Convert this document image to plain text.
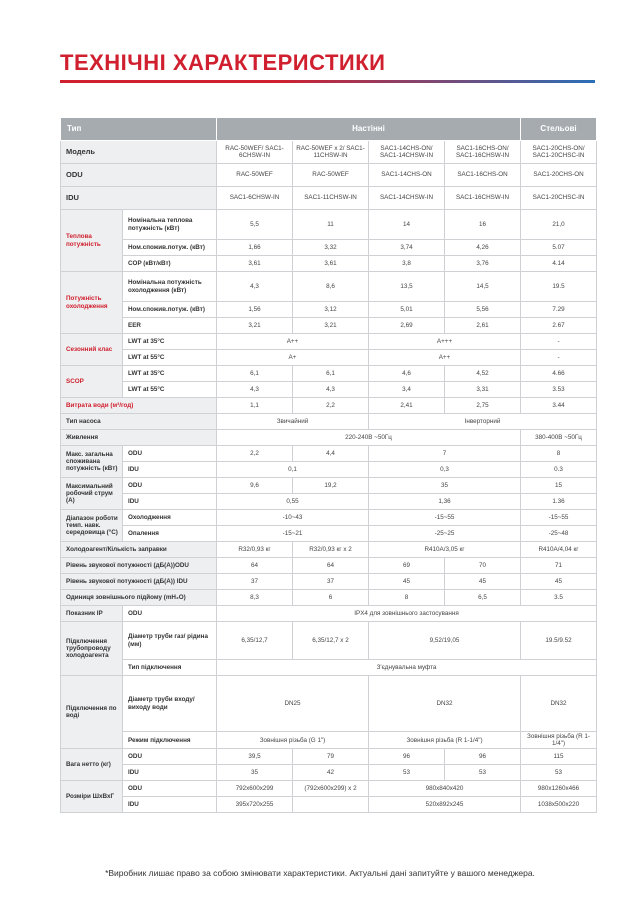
ТЕХНІЧНІ ХАРАКТЕРИСТИКИ
Тип		Настінні				Стельові
Модель		RAC-50WEF/ SAC1-6CHSW-IN	RAC-50WEF x 2/ SAC1-11CHSW-IN	SAC1-14CHS-ON/ SAC1-14CHSW-IN	SAC1-16CHS-ON/ SAC1-16CHSW-IN	SAC1-20CHS-ON/ SAC1-20CHSC-IN
ODU		RAC-50WEF	RAC-50WEF	SAC1-14CHS-ON	SAC1-16CHS-ON	SAC1-20CHS-ON
IDU		SAC1-6CHSW-IN	SAC1-11CHSW-IN	SAC1-14CHSW-IN	SAC1-16CHSW-IN	SAC1-20CHSC-IN
Теплова потужність	Номінальна теплова потужність (кВт)	5,5	11	14	16	21,0
	Ном.спожив.потуж. (кВт)	1,66	3,32	3,74	4,26	5.07
	COP (кВт/кВт)	3,61	3,61	3,8	3,76	4.14
Потужність охолодження	Номінальна потужність охолодження (кВт)	4,3	8,6	13,5	14,5	19.5
	Ном.спожив.потуж. (кВт)	1,56	3,12	5,01	5,56	7.29
	EER	3,21	3,21	2,69	2,61	2.67
Сезонний клас	LWT at 35°C	A++		A+++		-
	LWT at 55°C	A+		A++		-
SCOP	LWT at 35°C	6,1	6,1	4,6	4,52	4.66
	LWT at 55°C	4,3	4,3	3,4	3,31	3.53
Витрата води (м³/год)		1,1	2,2	2,41	2,75	3.44
Тип насоса		Звичайний		Інверторний		
Живлення		220-240В ~50Гц				380-400В ~50Гц
Макс. загальна споживана потужність (кВт)	ODU	2,2	4,4	7		8
	IDU	0,1		0,3		0.3
Максимальний робочий струм (A)	ODU	9,6	19,2	35		15
	IDU	0,55		1,36		1.36
Діапазон роботи темп. навк. середовища (°C)	Охолодження	-10~43		-15~55		-15~55
	Опалення	-15~21		-25~25		-25~48
Холодоагент/Кількість заправки		R32/0,93 кг	R32/0,93 кг х 2	R410A/3,05 кг		R410A/4,04 кг
Рівень звукової потужності (дБ(A))ODU		64	64	69	70	71
Рівень звукової потужності (дБ(A)) IDU		37	37	45	45	45
Одиниця зовнішнього підйому (mH₂O)		8,3	6	8	6,5	3.5
Показник IP	ODU	IPX4 для зовнішнього застосування				
Підключення трубопроводу холодоагента	Діаметр труби газ/ рідина (мм)	6,35/12,7	6,35/12,7 x 2	9,52/19,05		19.5/9.52
	Тип підключення	З'єднувальна муфта				
Підключення по воді	Діаметр труби входу/ виходу води	DN25		DN32		DN32
	Режим підключення	Зовнішня різьба (G 1")		Зовнішня різьба (R 1-1/4")		Зовнішня різьба (R 1-1/4")
Вага нетто (кг)	ODU	39,5	79	96	96	115
	IDU	35	42	53	53	53
Розміри ШхВхГ	ODU	792x600x299	(792x600x299) x 2	980x840x420		980x1260x466
	IDU	395x720x255		520x892x245		1038x500x220
*Виробник лишає право за собою змінювати характеристики. Актуальні дані запитуйте у вашого менеджера.
